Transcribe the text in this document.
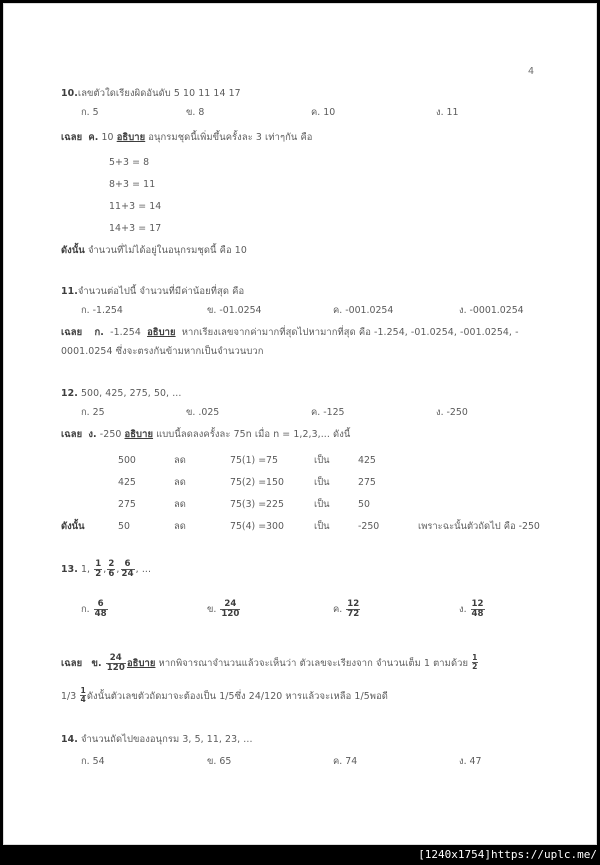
4
10.เลขตัวใดเรียงผิดอันดับ 5 10 11 14 17
ก. 5	ข. 8	ค. 10	ง. 11
เฉลย ค. 10 อธิบาย อนุกรมชุดนี้เพิ่มขึ้นครั้งละ 3 เท่าๆกัน คือ
5+3 = 8
8+3 = 11
11+3 = 14
14+3 = 17
ดังนั้น จำนวนที่ไม่ได้อยู่ในอนุกรมชุดนี้ คือ 10
11.จำนวนต่อไปนี้ จำนวนที่มีค่าน้อยที่สุด คือ
ก. -1.254	ข. -01.0254	ค. -001.0254	ง. -0001.0254
เฉลย ก. -1.254 อธิบาย หากเรียงเลขจากค่ามากที่สุดไปหามากที่สุด คือ -1.254, -01.0254, -001.0254, -
0001.0254 ซึ่งจะตรงกันข้ามหากเป็นจำนวนบวก
12. 500, 425, 275, 50, ...
ก. 25	ข. .025	ค. -125	ง. -250
เฉลย ง. -250 อธิบาย แบบนี้ลดลงครั้งละ 75n เมื่อ n = 1,2,3,... ดังนี้
500	ลด	75(1) =75	เป็น	425
425	ลด	75(2) =150	เป็น	275
275	ลด	75(3) =225	เป็น	50
ดังนั้น	50	ลด	75(4) =300	เป็น	-250	เพราะฉะนั้นตัวถัดไป คือ -250
13. 1, $\frac{1}{2}$ , $\frac{2}{6}$ , $\frac{6}{24}$ , ...
ก. $\frac{6}{48}$	ข. $\frac{24}{120}$	ค. $\frac{12}{72}$	ง. $\frac{12}{48}$
เฉลย ข. $\frac{24}{120}$ อธิบาย หากพิจารณาจำนวนแล้วจะเห็นว่า ตัวเลขจะเรียงจาก จำนวนเต็ม 1 ตามด้วย $\frac{1}{2}$
$1/3 \frac{1}{4}$ ดังนั้นตัวเลขตัวถัดมาจะต้องเป็น 1/5ซึ่ง 24/120 หารแล้วจะเหลือ 1/5พอดี
14. จำนวนถัดไปของอนุกรม 3, 5, 11, 23, ...
ก. 54	ข. 65	ค. 74	ง. 47
[1240x1754]https://uplc.me/
